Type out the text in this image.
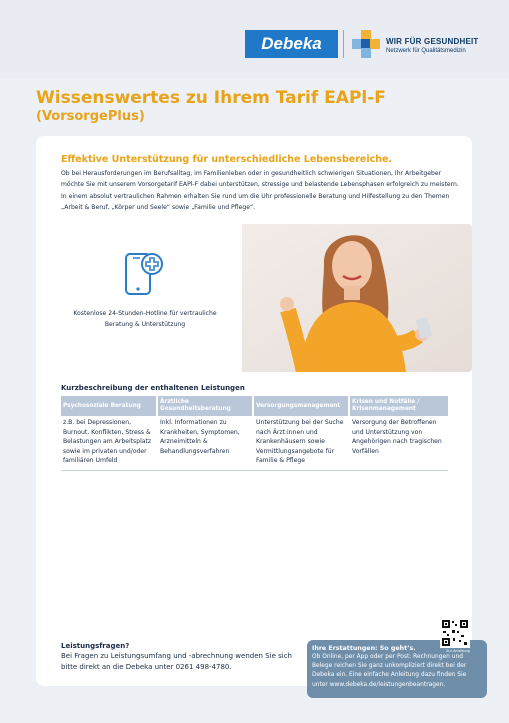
Debeka	WIR FÜR GESUNDHEIT
Netzwerk für Qualitätsmedizin
Wissenswertes zu Ihrem Tarif EAPl-F
(VorsorgePlus)
Effektive Unterstützung für unterschiedliche Lebensbereiche.
Ob bei Herausforderungen im Berufsalltag, im Familienleben oder in gesundheitlich schwierigen Situationen, Ihr Arbeitgeber möchte Sie mit unserem Vorsorgetarif EAPl-F dabei unterstützen, stressige und belastende Lebensphasen erfolgreich zu meistern. In einem absolut vertraulichen Rahmen erhalten Sie rund um die Uhr professionelle Beratung und Hilfestellung zu den Themen „Arbeit & Beruf, „Körper und Seele“ sowie „Familie und Pflege“.
Kostenlose 24-Stunden-Hotline für vertrauliche Beratung & Unterstützung
Kurzbeschreibung der enthaltenen Leistungen
Psychosoziale Beratung
Ärztliche Gesundheitsberatung
Versorgungsmanagement
Krisen und Notfälle / Krisenmanagement
z.B. bei Depressionen, Burnout, Konflikten, Stress & Belastungen am Arbeitsplatz sowie im privaten und/oder familiären Umfeld
Inkl. Informationen zu Krankheiten, Symptomen, Arzneimitteln & Behandlungsverfahren
Unterstützung bei der Suche nach Ärzt:innen und Krankenhäusern sowie Vermittlungsangebote für Familie & Pflege
Versorgung der Betroffenen und Unterstützung von Angehörigen nach tragischen Vorfällen
Leistungsfragen?
Bei Fragen zu Leistungsumfang und -abrechnung wenden Sie sich bitte direkt an die Debeka unter 0261 498-4780.
Ihre Erstattungen: So geht’s.
Ob Online, per App oder per Post: Rechnungen und Belege reichen Sie ganz unkompliziert direkt bei der Debeka ein. Eine einfache Anleitung dazu finden Sie unter www.debeka.de/leistungenbeantragen.
Zur Anleitung
